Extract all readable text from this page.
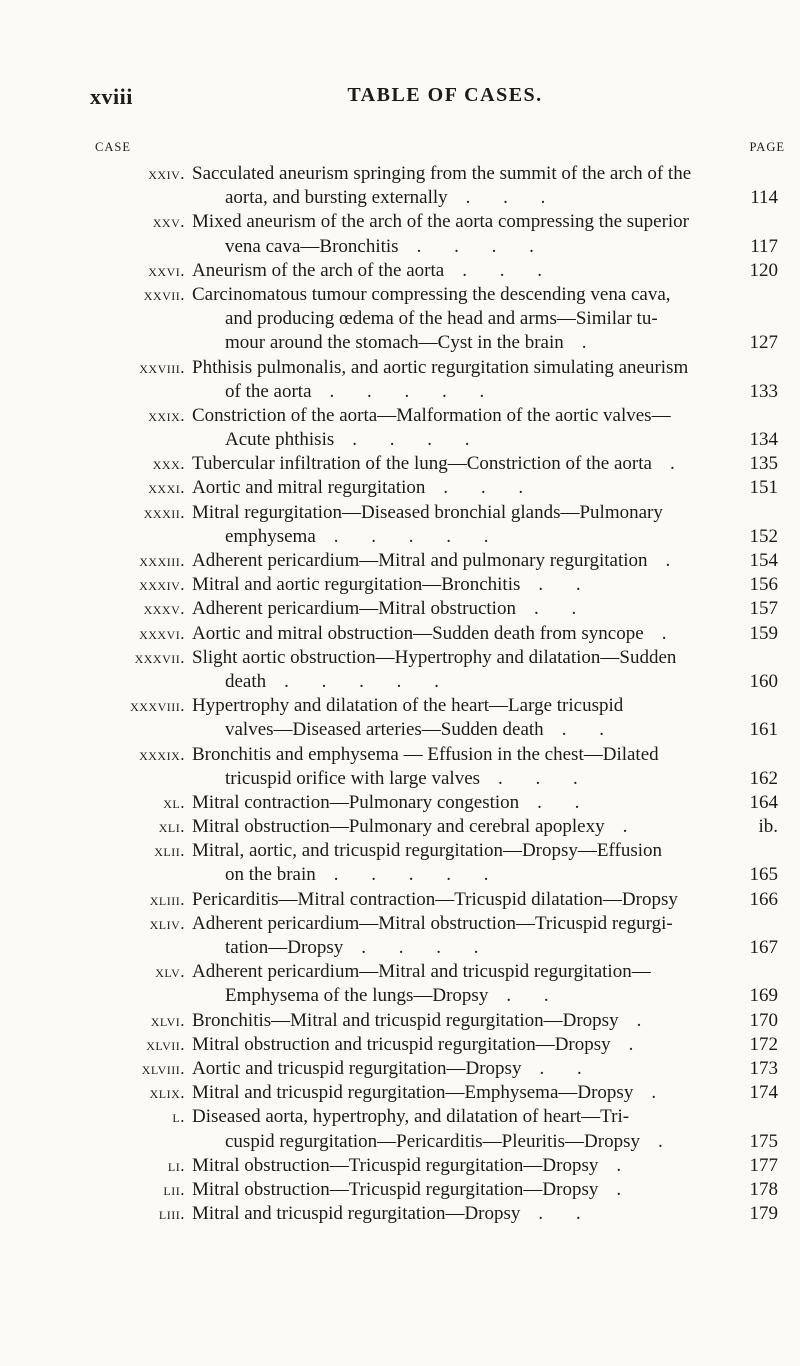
xviii	TABLE OF CASES.
CASE	PAGE
xxiv. Sacculated aneurism springing from the summit of the arch of the
aorta, and bursting externally . . .	114
xxv. Mixed aneurism of the arch of the aorta compressing the superior
vena cava—Bronchitis . . . .	117
xxvi. Aneurism of the arch of the aorta . . .	120
xxvii. Carcinomatous tumour compressing the descending vena cava,
and producing œdema of the head and arms—Similar tu-
mour around the stomach—Cyst in the brain .	127
xxviii. Phthisis pulmonalis, and aortic regurgitation simulating aneurism
of the aorta . . . . .	133
xxix. Constriction of the aorta—Malformation of the aortic valves—
Acute phthisis . . . .	134
xxx. Tubercular infiltration of the lung—Constriction of the aorta .	135
xxxi. Aortic and mitral regurgitation . . .	151
xxxii. Mitral regurgitation—Diseased bronchial glands—Pulmonary
emphysema . . . . .	152
xxxiii. Adherent pericardium—Mitral and pulmonary regurgitation .	154
xxxiv. Mitral and aortic regurgitation—Bronchitis . .	156
xxxv. Adherent pericardium—Mitral obstruction . .	157
xxxvi. Aortic and mitral obstruction—Sudden death from syncope .	159
xxxvii. Slight aortic obstruction—Hypertrophy and dilatation—Sudden
death . . . . .	160
xxxviii. Hypertrophy and dilatation of the heart—Large tricuspid
valves—Diseased arteries—Sudden death . .	161
xxxix. Bronchitis and emphysema — Effusion in the chest—Dilated
tricuspid orifice with large valves . . .	162
xl. Mitral contraction—Pulmonary congestion . .	164
xli. Mitral obstruction—Pulmonary and cerebral apoplexy .	ib.
xlii. Mitral, aortic, and tricuspid regurgitation—Dropsy—Effusion
on the brain . . . . .	165
xliii. Pericarditis—Mitral contraction—Tricuspid dilatation—Dropsy	166
xliv. Adherent pericardium—Mitral obstruction—Tricuspid regurgi-
tation—Dropsy . . . .	167
xlv. Adherent pericardium—Mitral and tricuspid regurgitation—
Emphysema of the lungs—Dropsy . .	169
xlvi. Bronchitis—Mitral and tricuspid regurgitation—Dropsy .	170
xlvii. Mitral obstruction and tricuspid regurgitation—Dropsy .	172
xlviii. Aortic and tricuspid regurgitation—Dropsy . .	173
xlix. Mitral and tricuspid regurgitation—Emphysema—Dropsy .	174
l. Diseased aorta, hypertrophy, and dilatation of heart—Tri-
cuspid regurgitation—Pericarditis—Pleuritis—Dropsy .	175
li. Mitral obstruction—Tricuspid regurgitation—Dropsy .	177
lii. Mitral obstruction—Tricuspid regurgitation—Dropsy .	178
liii. Mitral and tricuspid regurgitation—Dropsy . .	179
